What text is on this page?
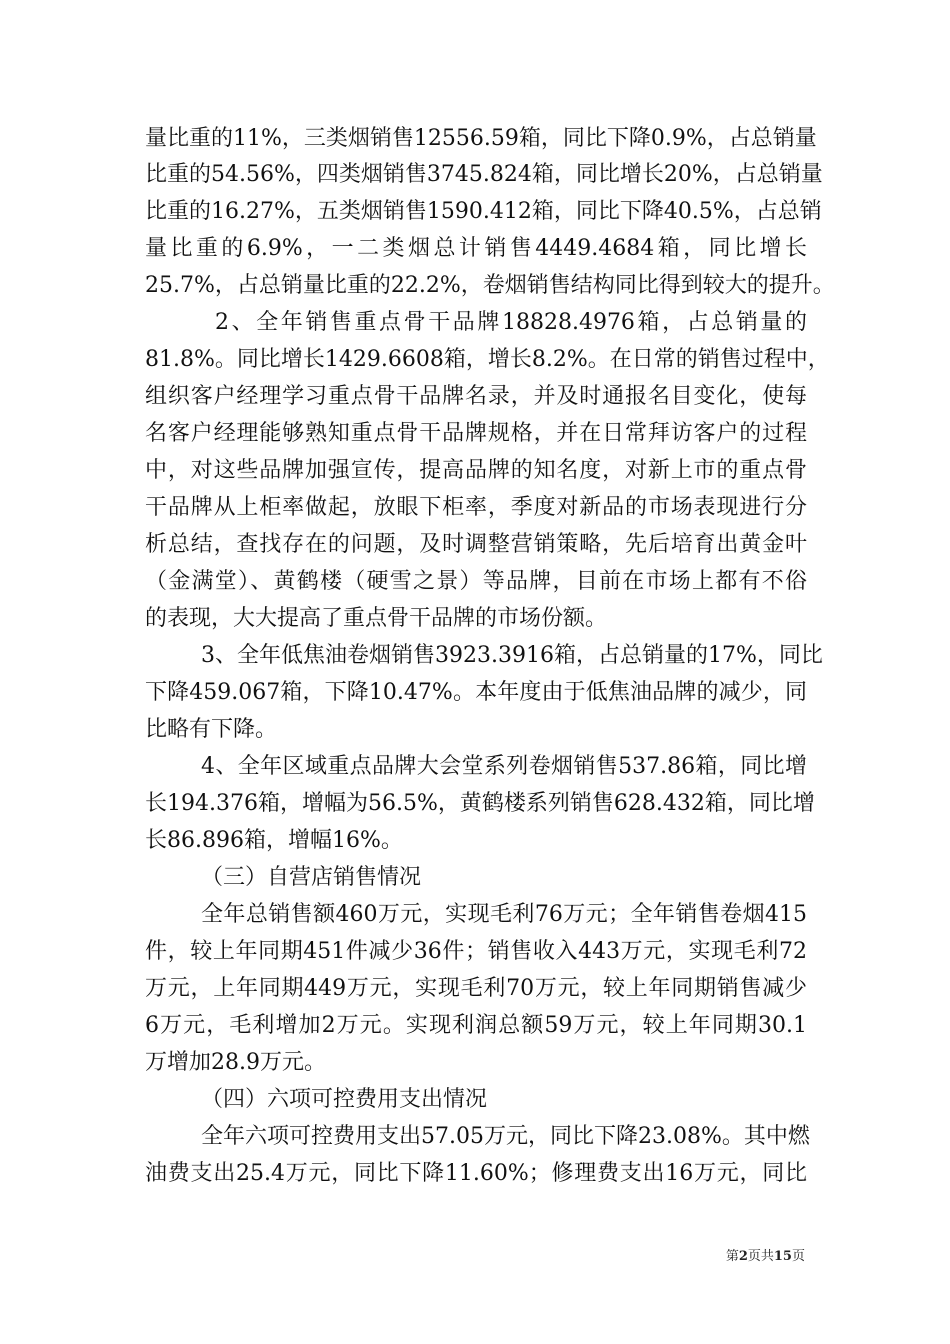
量比重的11%，三类烟销售12556.59箱，同比下降0.9%，占总销量
比重的54.56%，四类烟销售3745.824箱，同比增长20%，占总销量
比重的16.27%，五类烟销售1590.412箱，同比下降40.5%，占总销
量比重的6.9%，一二类烟总计销售4449.4684箱，同比增长
25.7%，占总销量比重的22.2%，卷烟销售结构同比得到较大的提升。
2、全年销售重点骨干品牌18828.4976箱，占总销量的
81.8%。同比增长1429.6608箱，增长8.2%。在日常的销售过程中，
组织客户经理学习重点骨干品牌名录，并及时通报名目变化，使每
名客户经理能够熟知重点骨干品牌规格，并在日常拜访客户的过程
中，对这些品牌加强宣传，提高品牌的知名度，对新上市的重点骨
干品牌从上柜率做起，放眼下柜率，季度对新品的市场表现进行分
析总结，查找存在的问题，及时调整营销策略，先后培育出黄金叶
（金满堂）、黄鹤楼（硬雪之景）等品牌，目前在市场上都有不俗
的表现，大大提高了重点骨干品牌的市场份额。
3、全年低焦油卷烟销售3923.3916箱，占总销量的17%，同比
下降459.067箱，下降10.47%。本年度由于低焦油品牌的减少，同
比略有下降。
4、全年区域重点品牌大会堂系列卷烟销售537.86箱，同比增
长194.376箱，增幅为56.5%，黄鹤楼系列销售628.432箱，同比增
长86.896箱，增幅16%。
（三）自营店销售情况
全年总销售额460万元，实现毛利76万元；全年销售卷烟415
件，较上年同期451件减少36件；销售收入443万元，实现毛利72
万元，上年同期449万元，实现毛利70万元，较上年同期销售减少
6万元，毛利增加2万元。实现利润总额59万元，较上年同期30.1
万增加28.9万元。
（四）六项可控费用支出情况
全年六项可控费用支出57.05万元，同比下降23.08%。其中燃
油费支出25.4万元，同比下降11.60%；修理费支出16万元，同比
第2页共15页
